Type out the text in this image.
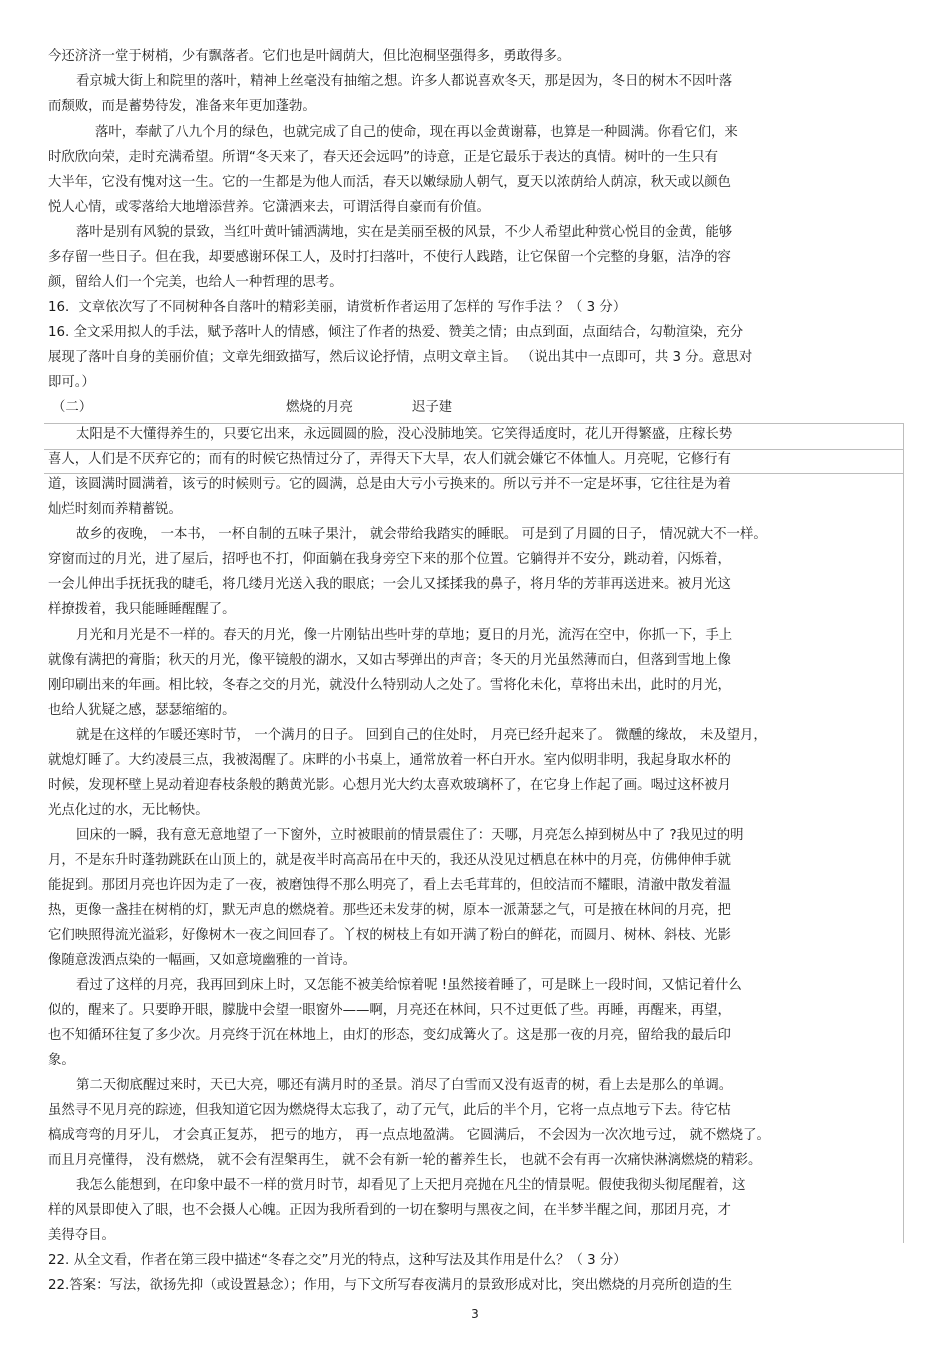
今还济济一堂于树梢，少有飘落者。它们也是叶阔荫大，但比泡桐坚强得多，勇敢得多。
看京城大街上和院里的落叶，精神上丝毫没有抽缩之想。许多人都说喜欢冬天，那是因为，冬日的树木不因叶落
而颓败，而是蓄势待发，准备来年更加蓬勃。
落叶，奉献了八九个月的绿色，也就完成了自己的使命，现在再以金黄谢幕，也算是一种圆满。你看它们，来
时欣欣向荣，走时充满希望。所谓“冬天来了，春天还会远吗”的诗意，正是它最乐于表达的真情。树叶的一生只有
大半年，它没有愧对这一生。它的一生都是为他人而活，春天以嫩绿励人朝气，夏天以浓荫给人荫凉，秋天或以颜色
悦人心情，或零落给大地增添营养。它潇洒来去，可谓活得自豪而有价值。
落叶是别有风貌的景致，当红叶黄叶铺洒满地，实在是美丽至极的风景，不少人希望此种赏心悦目的金黄，能够
多存留一些日子。但在我，却要感谢环保工人，及时打扫落叶，不使行人践踏，让它保留一个完整的身躯，洁净的容
颜，留给人们一个完美，也给人一种哲理的思考。
16．文章依次写了不同树种各自落叶的精彩美丽，请赏析作者运用了怎样的 写作手法 ？（ 3 分）
16. 全文采用拟人的手法，赋予落叶人的情感，倾注了作者的热爱、赞美之情；由点到面，点面结合，勾勒渲染，充分
展现了落叶自身的美丽价值；文章先细致描写，然后议论抒情，点明文章主旨。 （说出其中一点即可，共 3 分。意思对
即可。）
（二）	燃烧的月亮	迟子建
太阳是不大懂得养生的，只要它出来，永远圆圆的脸，没心没肺地笑。它笑得适度时，花儿开得繁盛，庄稼长势
喜人，人们是不厌弃它的；而有的时候它热情过分了，弄得天下大旱，农人们就会嫌它不体恤人。月亮呢，它修行有
道，该圆满时圆满着，该亏的时候则亏。它的圆满，总是由大亏小亏换来的。所以亏并不一定是坏事，它往往是为着
灿烂时刻而养精蓄锐。
故乡的夜晚， 一本书， 一杯自制的五味子果汁， 就会带给我踏实的睡眠。 可是到了月圆的日子， 情况就大不一样。
穿窗而过的月光，进了屋后，招呼也不打，仰面躺在我身旁空下来的那个位置。它躺得并不安分，跳动着，闪烁着，
一会儿伸出手抚抚我的睫毛，将几缕月光送入我的眼底；一会儿又揉揉我的鼻子，将月华的芳菲再送进来。被月光这
样撩拨着，我只能睡睡醒醒了。
月光和月光是不一样的。春天的月光，像一片刚钻出些叶芽的草地；夏日的月光，流泻在空中，你抓一下，手上
就像有满把的膏脂；秋天的月光，像平镜般的湖水，又如古琴弹出的声音；冬天的月光虽然薄而白，但落到雪地上像
刚印刷出来的年画。相比较，冬春之交的月光，就没什么特别动人之处了。雪将化未化，草将出未出，此时的月光，
也给人犹疑之感，瑟瑟缩缩的。
就是在这样的乍暖还寒时节， 一个满月的日子。 回到自己的住处时， 月亮已经升起来了。 微醺的缘故， 未及望月，
就熄灯睡了。大约凌晨三点，我被渴醒了。床畔的小书桌上，通常放着一杯白开水。室内似明非明，我起身取水杯的
时候，发现杯壁上晃动着迎春枝条般的鹅黄光影。心想月光大约太喜欢玻璃杯了，在它身上作起了画。喝过这杯被月
光点化过的水，无比畅快。
回床的一瞬，我有意无意地望了一下窗外，立时被眼前的情景震住了：天哪，月亮怎么掉到树丛中了 ?我见过的明
月，不是东升时蓬勃跳跃在山顶上的，就是夜半时高高吊在中天的，我还从没见过栖息在林中的月亮，仿佛伸伸手就
能捉到。那团月亮也许因为走了一夜，被磨蚀得不那么明亮了，看上去毛茸茸的，但皎洁而不耀眼，清澈中散发着温
热，更像一盏挂在树梢的灯，默无声息的燃烧着。那些还未发芽的树，原本一派萧瑟之气，可是掖在林间的月亮，把
它们映照得流光溢彩，好像树木一夜之间回春了。丫杈的树枝上有如开满了粉白的鲜花，而圆月、树林、斜枝、光影
像随意泼洒点染的一幅画，又如意境幽雅的一首诗。
看过了这样的月亮，我再回到床上时，又怎能不被美给惊着呢 !虽然接着睡了，可是眯上一段时间，又惦记着什么
似的，醒来了。只要睁开眼，朦胧中会望一眼窗外——啊，月亮还在林间，只不过更低了些。再睡，再醒来，再望，
也不知循环往复了多少次。月亮终于沉在林地上，由灯的形态，变幻成篝火了。这是那一夜的月亮，留给我的最后印
象。
第二天彻底醒过来时，天已大亮，哪还有满月时的圣景。消尽了白雪而又没有返青的树，看上去是那么的单调。
虽然寻不见月亮的踪迹，但我知道它因为燃烧得太忘我了，动了元气，此后的半个月，它将一点点地亏下去。待它枯
槁成弯弯的月牙儿， 才会真正复苏， 把亏的地方， 再一点点地盈满。 它圆满后， 不会因为一次次地亏过， 就不燃烧了。
而且月亮懂得， 没有燃烧， 就不会有涅槃再生， 就不会有新一轮的蓄养生长， 也就不会有再一次痛快淋漓燃烧的精彩。
我怎么能想到，在印象中最不一样的赏月时节，却看见了上天把月亮抛在凡尘的情景呢。假使我彻头彻尾醒着，这
样的风景即使入了眼，也不会摄人心魄。正因为我所看到的一切在黎明与黑夜之间，在半梦半醒之间，那团月亮，才
美得夺目。
22. 从全文看，作者在第三段中描述“冬春之交”月光的特点，这种写法及其作用是什么？（ 3 分）
22.答案：写法，欲扬先抑（或设置悬念）；作用，与下文所写春夜满月的景致形成对比，突出燃烧的月亮所创造的生
3
